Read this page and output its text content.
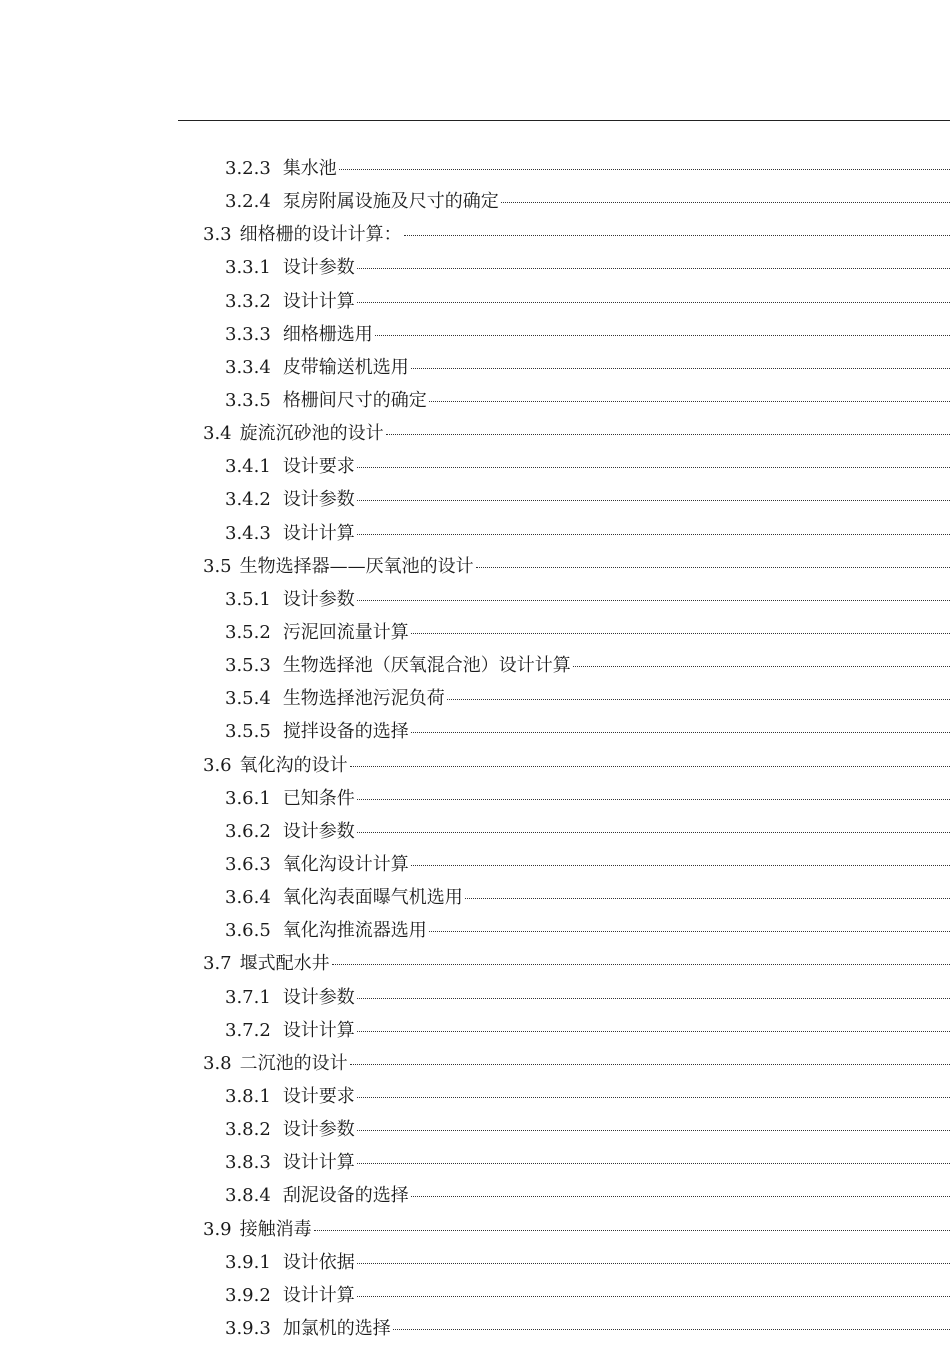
3.2.3 集水池
3.2.4 泵房附属设施及尺寸的确定
3.3 细格栅的设计计算：
3.3.1 设计参数
3.3.2 设计计算
3.3.3 细格栅选用
3.3.4 皮带输送机选用
3.3.5 格栅间尺寸的确定
3.4 旋流沉砂池的设计
3.4.1 设计要求
3.4.2 设计参数
3.4.3 设计计算
3.5 生物选择器——厌氧池的设计
3.5.1 设计参数
3.5.2 污泥回流量计算
3.5.3 生物选择池（厌氧混合池）设计计算
3.5.4 生物选择池污泥负荷
3.5.5 搅拌设备的选择
3.6 氧化沟的设计
3.6.1 已知条件
3.6.2 设计参数
3.6.3 氧化沟设计计算
3.6.4 氧化沟表面曝气机选用
3.6.5 氧化沟推流器选用
3.7 堰式配水井
3.7.1 设计参数
3.7.2 设计计算
3.8 二沉池的设计
3.8.1 设计要求
3.8.2 设计参数
3.8.3 设计计算
3.8.4 刮泥设备的选择
3.9 接触消毒
3.9.1 设计依据
3.9.2 设计计算
3.9.3 加氯机的选择
